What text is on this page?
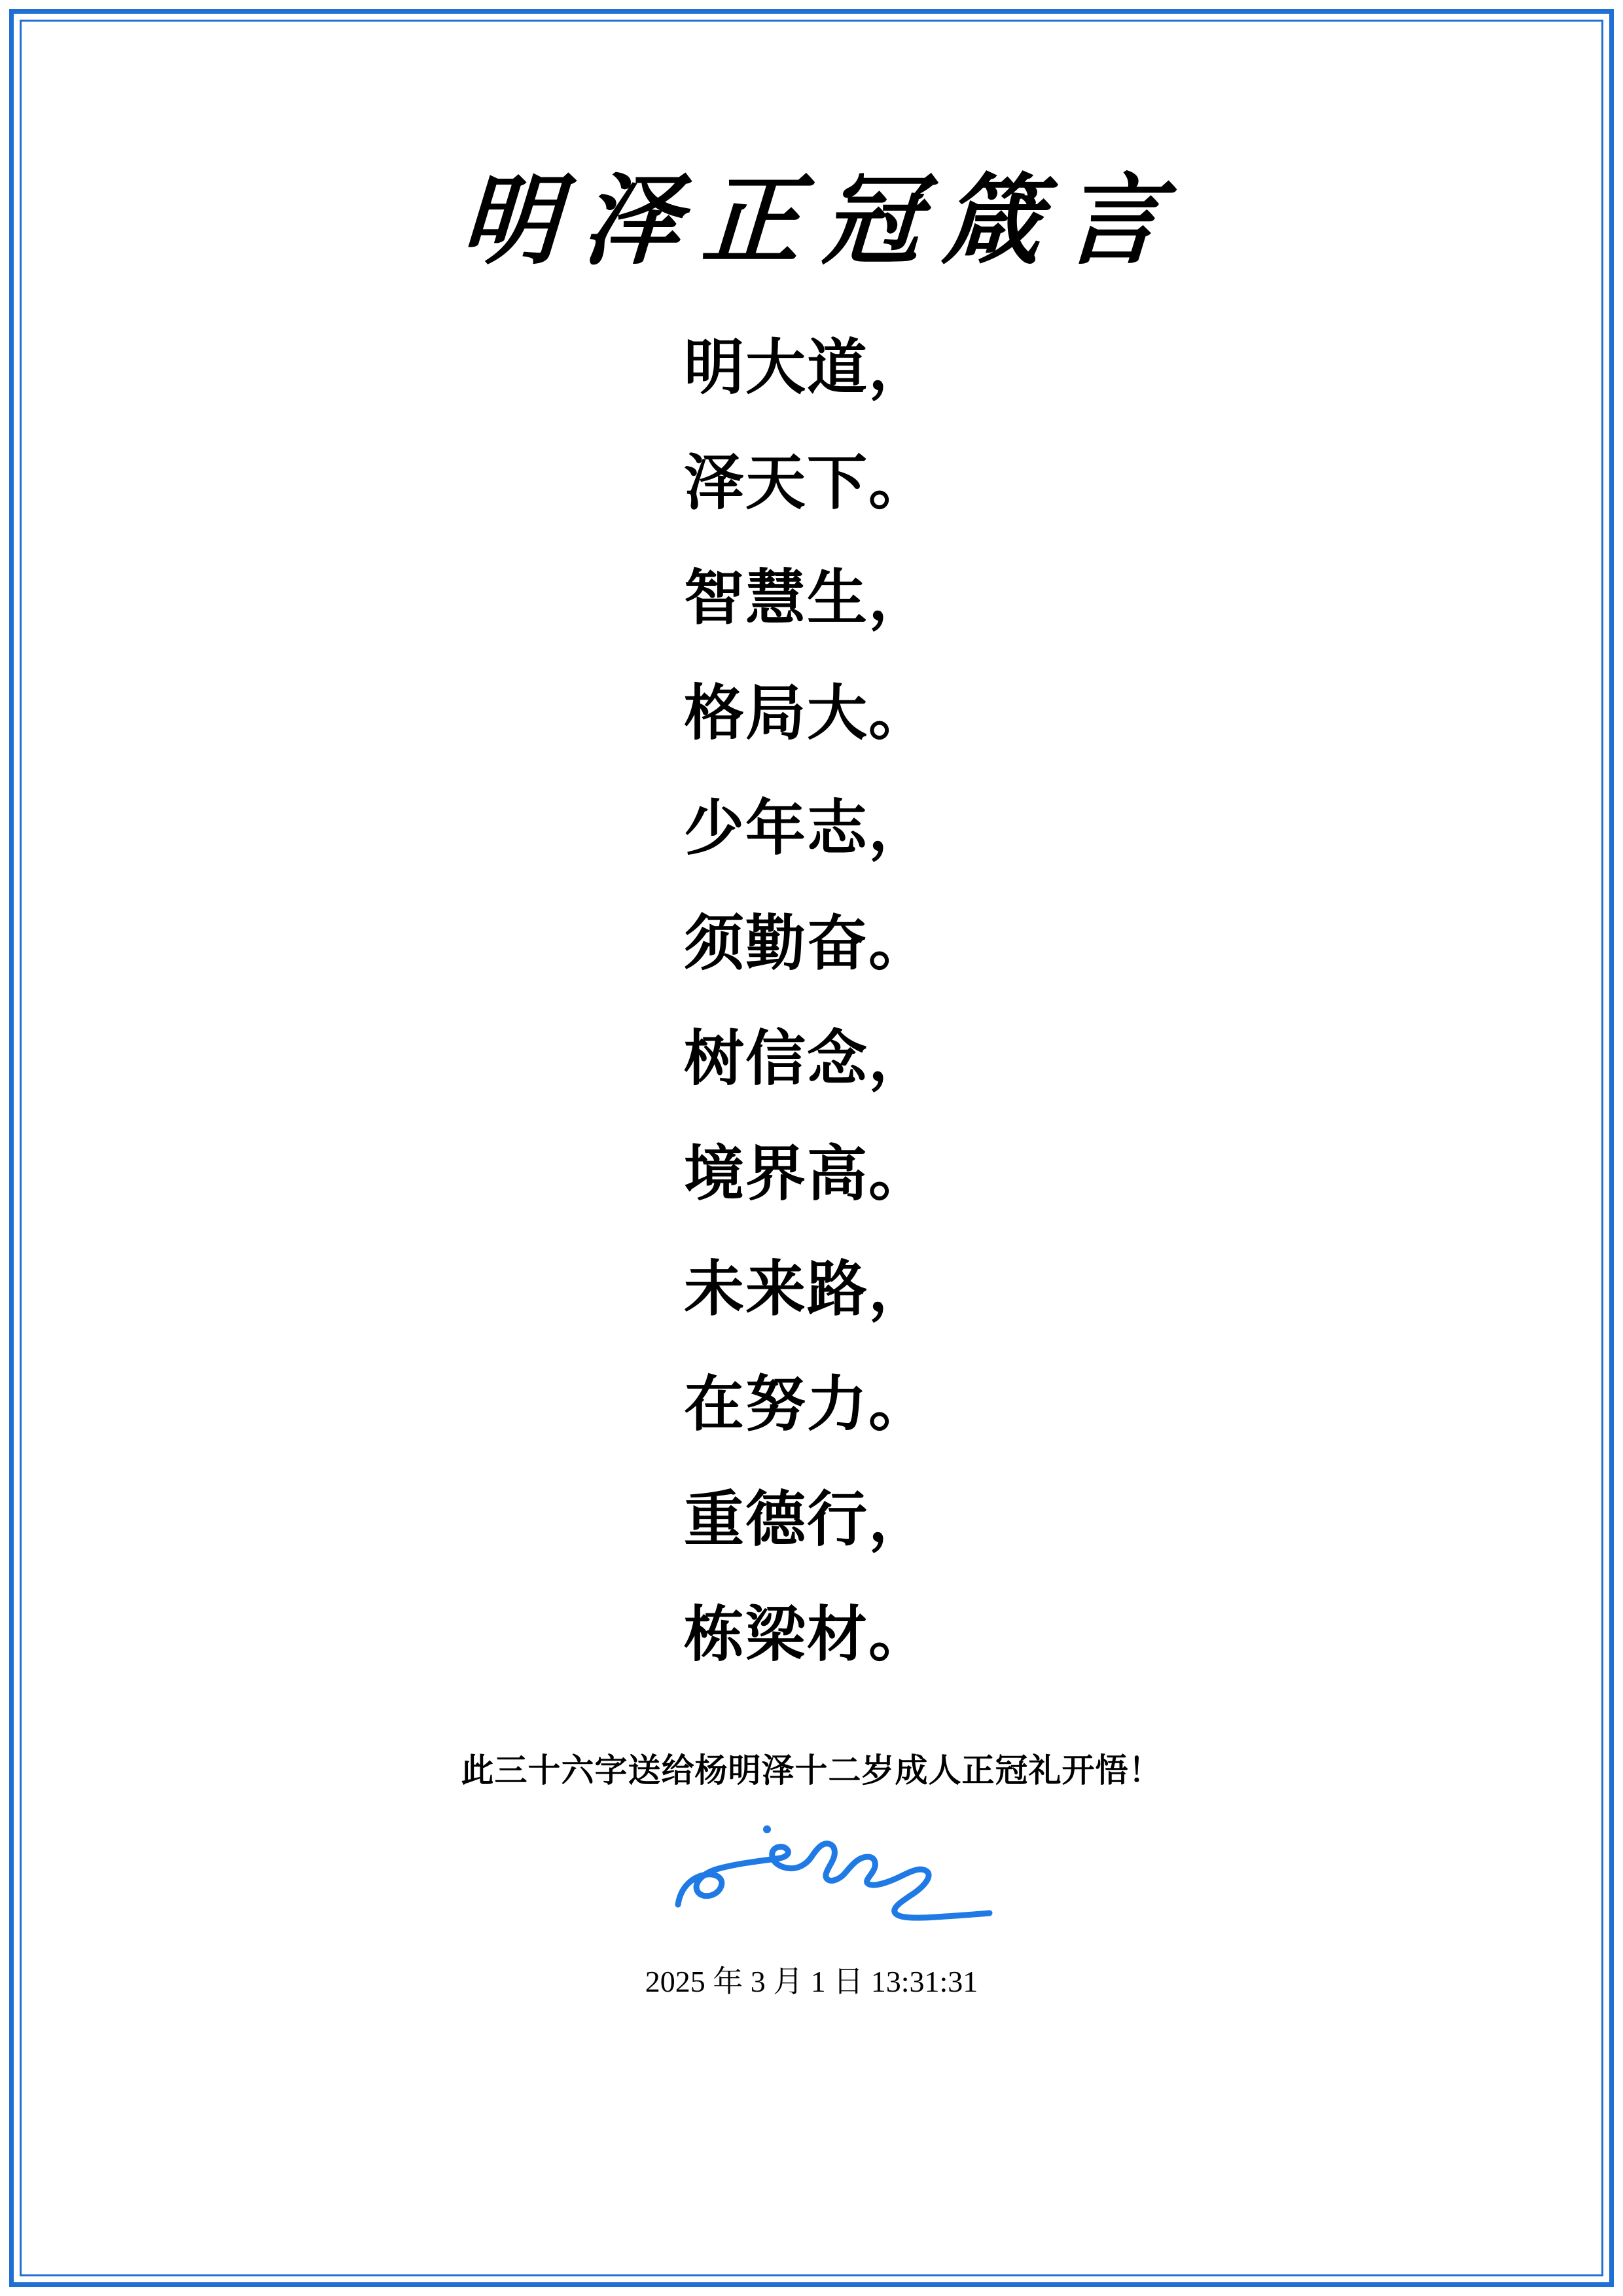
明泽正冠箴言
明大道，
泽天下。
智慧生，
格局大。
少年志，
须勤奋。
树信念，
境界高。
未来路，
在努力。
重德行，
栋梁材。
此三十六字送给杨明泽十二岁成人正冠礼开悟！
2025 年 3 月 1 日 13:31:31
